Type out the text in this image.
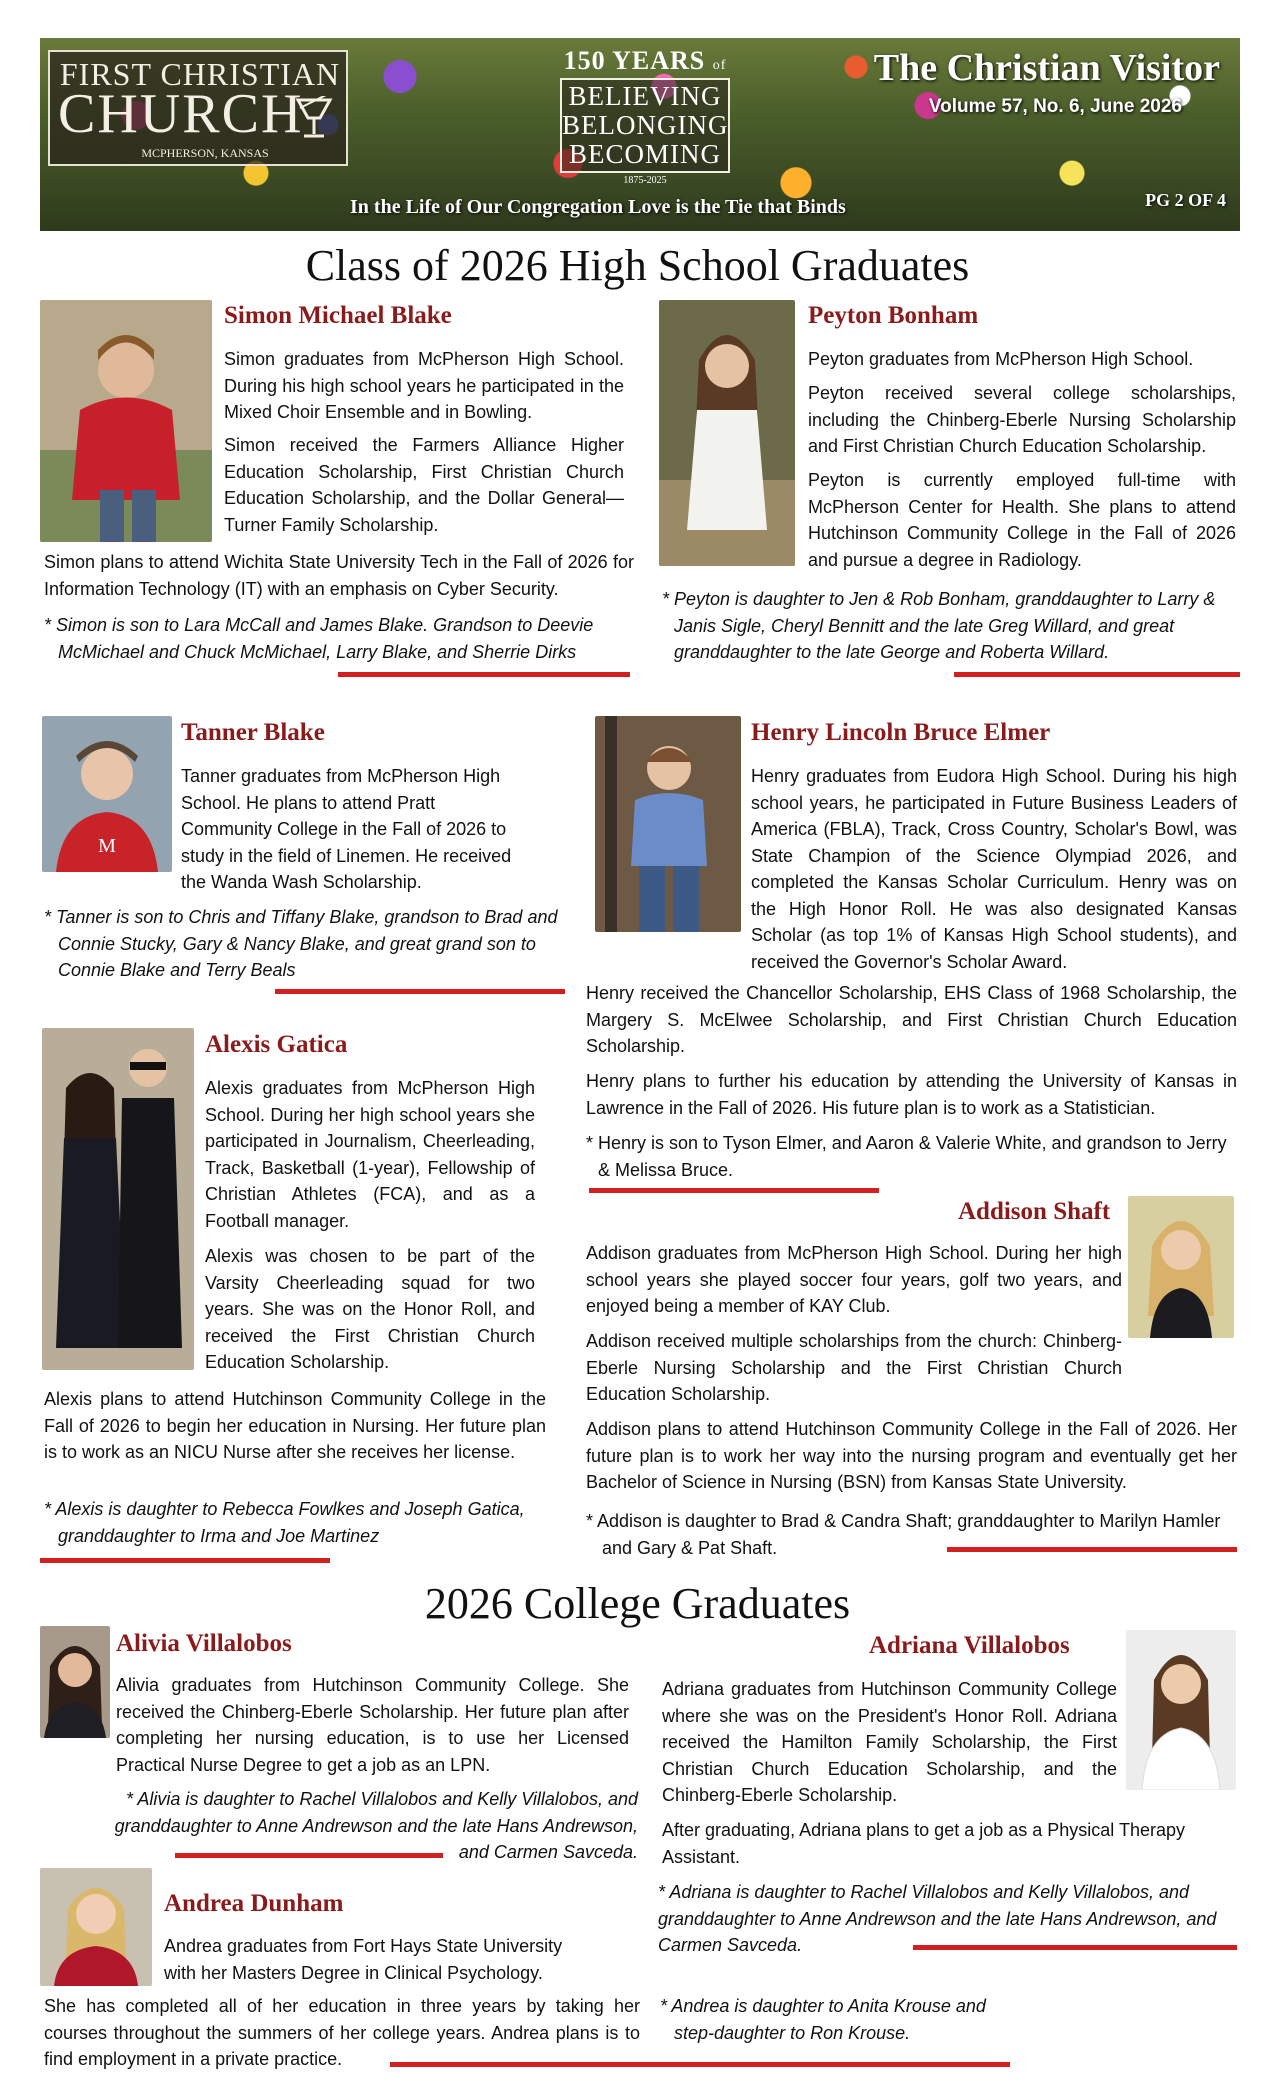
FIRST CHRISTIAN
CHURCH
MCPHERSON, KANSAS
150 YEARS of
BELIEVING
BELONGING
BECOMING
1875-2025
The Christian Visitor
Volume 57, No. 6, June 2026
In the Life of Our Congregation Love is the Tie that Binds	PG 2 OF 4
Class of 2026 High School Graduates
Simon Michael Blake
Simon graduates from McPherson High School. During his high school years he participated in the Mixed Choir Ensemble and in Bowling.
Simon received the Farmers Alliance Higher Education Scholarship, First Christian Church Education Scholarship, and the Dollar General—Turner Family Scholarship.
Simon plans to attend Wichita State University Tech in the Fall of 2026 for Information Technology (IT) with an emphasis on Cyber Security.
* Simon is son to Lara McCall and James Blake. Grandson to Deevie McMichael and Chuck McMichael, Larry Blake, and Sherrie Dirks
Peyton Bonham
Peyton graduates from McPherson High School.
Peyton received several college scholarships, including the Chinberg-Eberle Nursing Scholarship and First Christian Church Education Scholarship.
Peyton is currently employed full-time with McPherson Center for Health. She plans to attend Hutchinson Community College in the Fall of 2026 and pursue a degree in Radiology.
* Peyton is daughter to Jen & Rob Bonham, granddaughter to Larry & Janis Sigle, Cheryl Bennitt and the late Greg Willard, and great granddaughter to the late George and Roberta Willard.
M
Tanner Blake
Tanner graduates from McPherson High School. He plans to attend Pratt Community College in the Fall of 2026 to study in the field of Linemen. He received the Wanda Wash Scholarship.
* Tanner is son to Chris and Tiffany Blake, grandson to Brad and Connie Stucky, Gary & Nancy Blake, and great grand son to Connie Blake and Terry Beals
Henry Lincoln Bruce Elmer
Henry graduates from Eudora High School. During his high school years, he participated in Future Business Leaders of America (FBLA), Track, Cross Country, Scholar's Bowl, was State Champion of the Science Olympiad 2026, and completed the Kansas Scholar Curriculum. Henry was on the High Honor Roll. He was also designated Kansas Scholar (as top 1% of Kansas High School students), and received the Governor's Scholar Award.
Henry received the Chancellor Scholarship, EHS Class of 1968 Scholarship, the Margery S. McElwee Scholarship, and First Christian Church Education Scholarship.
Henry plans to further his education by attending the University of Kansas in Lawrence in the Fall of 2026. His future plan is to work as a Statistician.
* Henry is son to Tyson Elmer, and Aaron & Valerie White, and grandson to Jerry & Melissa Bruce.
Alexis Gatica
Alexis graduates from McPherson High School. During her high school years she participated in Journalism, Cheerleading, Track, Basketball (1-year), Fellowship of Christian Athletes (FCA), and as a Football manager.
Alexis was chosen to be part of the Varsity Cheerleading squad for two years. She was on the Honor Roll, and received the First Christian Church Education Scholarship.
Alexis plans to attend Hutchinson Community College in the Fall of 2026 to begin her education in Nursing. Her future plan is to work as an NICU Nurse after she receives her license.
* Alexis is daughter to Rebecca Fowlkes and Joseph Gatica, granddaughter to Irma and Joe Martinez
Addison Shaft
Addison graduates from McPherson High School. During her high school years she played soccer four years, golf two years, and enjoyed being a member of KAY Club.
Addison received multiple scholarships from the church: Chinberg-Eberle Nursing Scholarship and the First Christian Church Education Scholarship.
Addison plans to attend Hutchinson Community College in the Fall of 2026. Her future plan is to work her way into the nursing program and eventually get her Bachelor of Science in Nursing (BSN) from Kansas State University.
* Addison is daughter to Brad & Candra Shaft; granddaughter to Marilyn Hamler and Gary & Pat Shaft.
2026 College Graduates
Alivia Villalobos
Alivia graduates from Hutchinson Community College. She received the Chinberg-Eberle Scholarship. Her future plan after completing her nursing education, is to use her Licensed Practical Nurse Degree to get a job as an LPN.
* Alivia is daughter to Rachel Villalobos and Kelly Villalobos, and granddaughter to Anne Andrewson and the late Hans Andrewson, and Carmen Savceda.
Adriana Villalobos
Adriana graduates from Hutchinson Community College where she was on the President's Honor Roll. Adriana received the Hamilton Family Scholarship, the First Christian Church Education Scholarship, and the Chinberg-Eberle Scholarship.
After graduating, Adriana plans to get a job as a Physical Therapy Assistant.
* Adriana is daughter to Rachel Villalobos and Kelly Villalobos, and granddaughter to Anne Andrewson and the late Hans Andrewson, and Carmen Savceda.
Andrea Dunham
Andrea graduates from Fort Hays State University with her Masters Degree in Clinical Psychology.
She has completed all of her education in three years by taking her courses throughout the summers of her college years. Andrea plans is to find employment in a private practice.
* Andrea is daughter to Anita Krouse and step-daughter to Ron Krouse.
